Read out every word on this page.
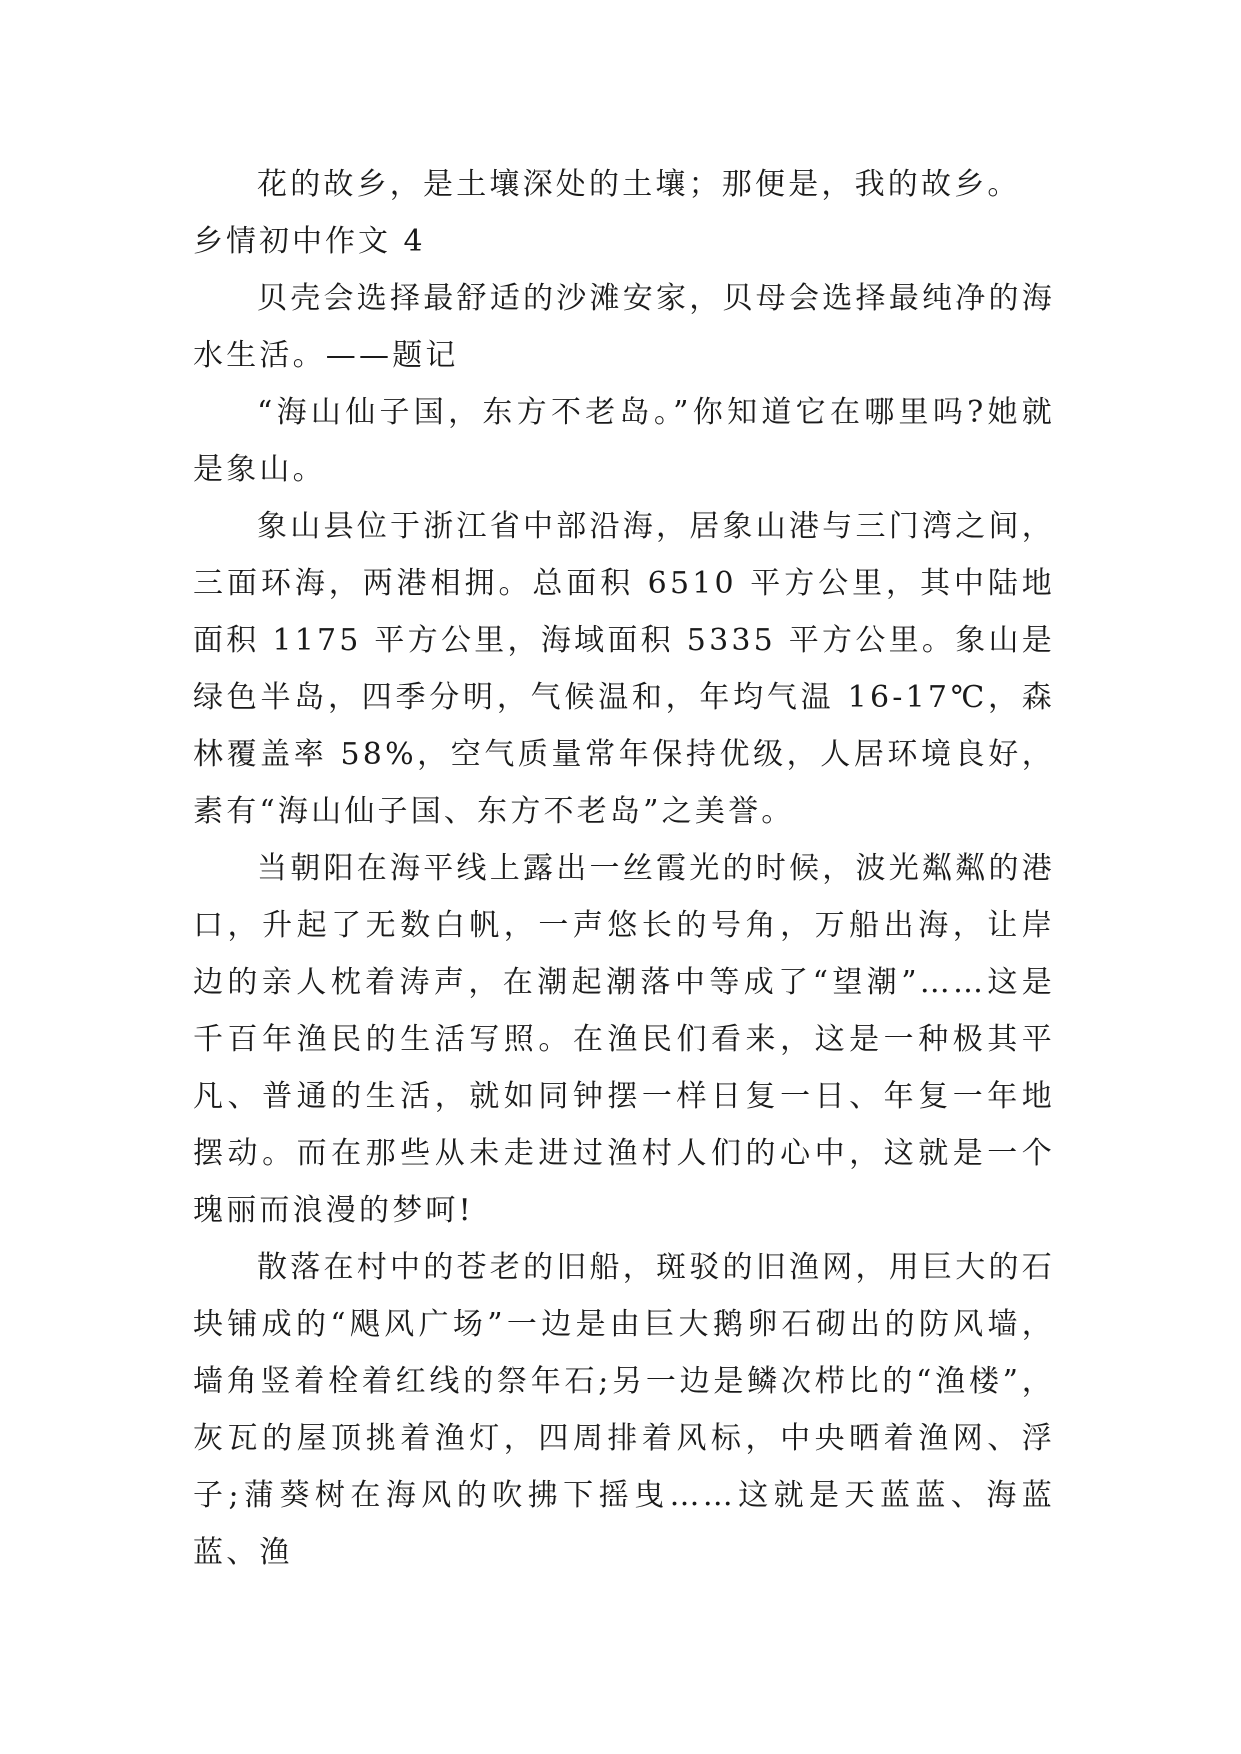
花的故乡，是土壤深处的土壤；那便是，我的故乡。

乡情初中作文 4

贝壳会选择最舒适的沙滩安家，贝母会选择最纯净的海水生活。——题记

“海山仙子国，东方不老岛。”你知道它在哪里吗?她就是象山。

象山县位于浙江省中部沿海，居象山港与三门湾之间，三面环海，两港相拥。总面积 6510 平方公里，其中陆地面积 1175 平方公里，海域面积 5335 平方公里。象山是绿色半岛，四季分明，气候温和，年均气温 16-17℃，森林覆盖率 58%，空气质量常年保持优级，人居环境良好，素有“海山仙子国、东方不老岛”之美誉。

当朝阳在海平线上露出一丝霞光的时候，波光粼粼的港口，升起了无数白帆，一声悠长的号角，万船出海，让岸边的亲人枕着涛声，在潮起潮落中等成了“望潮”……这是千百年渔民的生活写照。在渔民们看来，这是一种极其平凡、普通的生活，就如同钟摆一样日复一日、年复一年地摆动。而在那些从未走进过渔村人们的心中，这就是一个瑰丽而浪漫的梦呵!

散落在村中的苍老的旧船，斑驳的旧渔网，用巨大的石块铺成的“飓风广场”一边是由巨大鹅卵石砌出的防风墙，墙角竖着栓着红线的祭年石;另一边是鳞次栉比的“渔楼”，灰瓦的屋顶挑着渔灯，四周排着风标，中央晒着渔网、浮子;蒲葵树在海风的吹拂下摇曳……这就是天蓝蓝、海蓝蓝、渔
